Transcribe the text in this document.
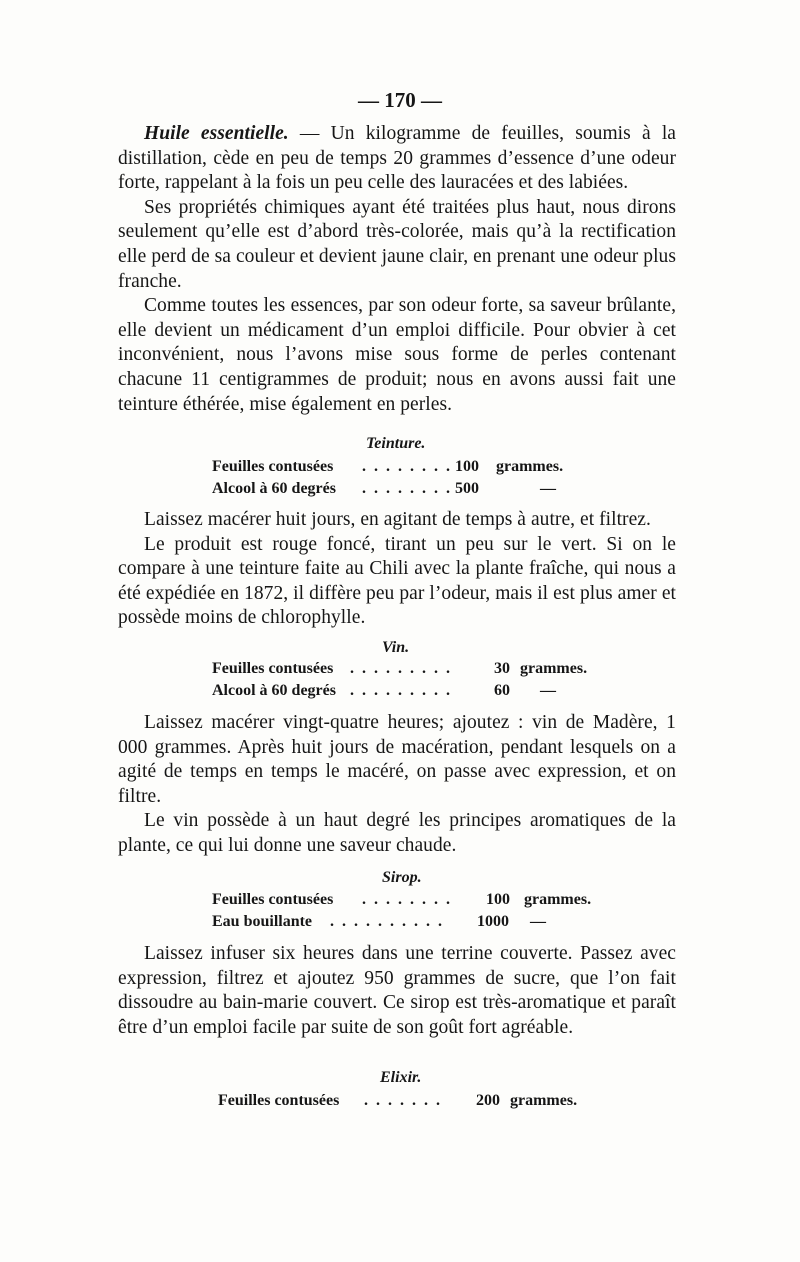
— 170 —

Huile essentielle. — Un kilogramme de feuilles, soumis à la distillation, cède en peu de temps 20 grammes d’essence d’une odeur forte, rappelant à la fois un peu celle des lauracées et des labiées.

Ses propriétés chimiques ayant été traitées plus haut, nous dirons seulement qu’elle est d’abord très-colorée, mais qu’à la rectification elle perd de sa couleur et devient jaune clair, en prenant une odeur plus franche.

Comme toutes les essences, par son odeur forte, sa saveur brûlante, elle devient un médicament d’un emploi difficile. Pour obvier à cet inconvénient, nous l’avons mise sous forme de perles contenant chacune 11 centigrammes de produit; nous en avons aussi fait une teinture éthérée, mise également en perles.

Teinture.
Feuilles contusées . . . . . . . . 100 grammes.
Alcool à 60 degrés . . . . . . . . 500	—

Laissez macérer huit jours, en agitant de temps à autre, et filtrez.

Le produit est rouge foncé, tirant un peu sur le vert. Si on le compare à une teinture faite au Chili avec la plante fraîche, qui nous a été expédiée en 1872, il diffère peu par l’odeur, mais il est plus amer et possède moins de chlorophylle.

Vin.
Feuilles contusées . . . . . . . . .	30 grammes.
Alcool à 60 degrés . . . . . . . . .	60 —

Laissez macérer vingt-quatre heures; ajoutez : vin de Madère, 1 000 grammes. Après huit jours de macération, pendant lesquels on a agité de temps en temps le macéré, on passe avec expression, et on filtre.

Le vin possède à un haut degré les principes aromatiques de la plante, ce qui lui donne une saveur chaude.

Sirop.
Feuilles contusées . . . . . . . . 100 grammes.
Eau bouillante . . . . . . . . . . 1000 —

Laissez infuser six heures dans une terrine couverte. Passez avec expression, filtrez et ajoutez 950 grammes de sucre, que l’on fait dissoudre au bain-marie couvert. Ce sirop est très-aromatique et paraît être d’un emploi facile par suite de son goût fort agréable.

Elixir.
Feuilles contusées . . . . . . . 200 grammes.
